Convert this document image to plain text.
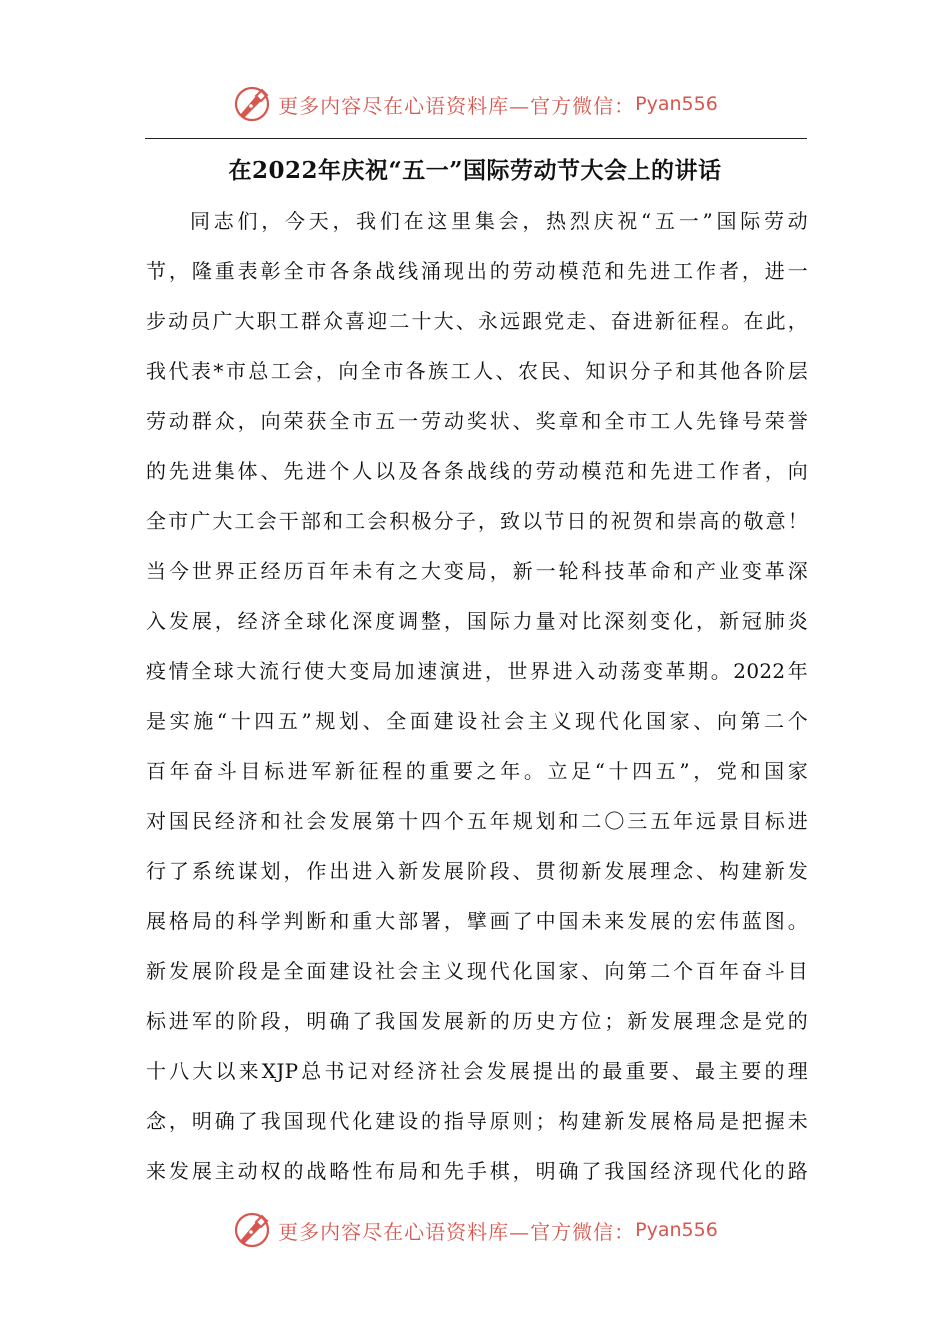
更多内容尽在心语资料库—官方微信： Pyan556
在2022年庆祝“五一”国际劳动节大会上的讲话
同志们，今天，我们在这里集会，热烈庆祝“五一”国际劳动
节，隆重表彰全市各条战线涌现出的劳动模范和先进工作者，进一
步动员广大职工群众喜迎二十大、永远跟党走、奋进新征程。在此，
我代表*市总工会，向全市各族工人、农民、知识分子和其他各阶层
劳动群众，向荣获全市五一劳动奖状、奖章和全市工人先锋号荣誉
的先进集体、先进个人以及各条战线的劳动模范和先进工作者，向
全市广大工会干部和工会积极分子，致以节日的祝贺和崇高的敬意！
当今世界正经历百年未有之大变局，新一轮科技革命和产业变革深
入发展，经济全球化深度调整，国际力量对比深刻变化，新冠肺炎
疫情全球大流行使大变局加速演进，世界进入动荡变革期。2022年
是实施“十四五”规划、全面建设社会主义现代化国家、向第二个
百年奋斗目标进军新征程的重要之年。立足“十四五”，党和国家
对国民经济和社会发展第十四个五年规划和二〇三五年远景目标进
行了系统谋划，作出进入新发展阶段、贯彻新发展理念、构建新发
展格局的科学判断和重大部署，擘画了中国未来发展的宏伟蓝图。
新发展阶段是全面建设社会主义现代化国家、向第二个百年奋斗目
标进军的阶段，明确了我国发展新的历史方位；新发展理念是党的
十八大以来XJP总书记对经济社会发展提出的最重要、最主要的理
念，明确了我国现代化建设的指导原则；构建新发展格局是把握未
来发展主动权的战略性布局和先手棋，明确了我国经济现代化的路
更多内容尽在心语资料库—官方微信： Pyan556
